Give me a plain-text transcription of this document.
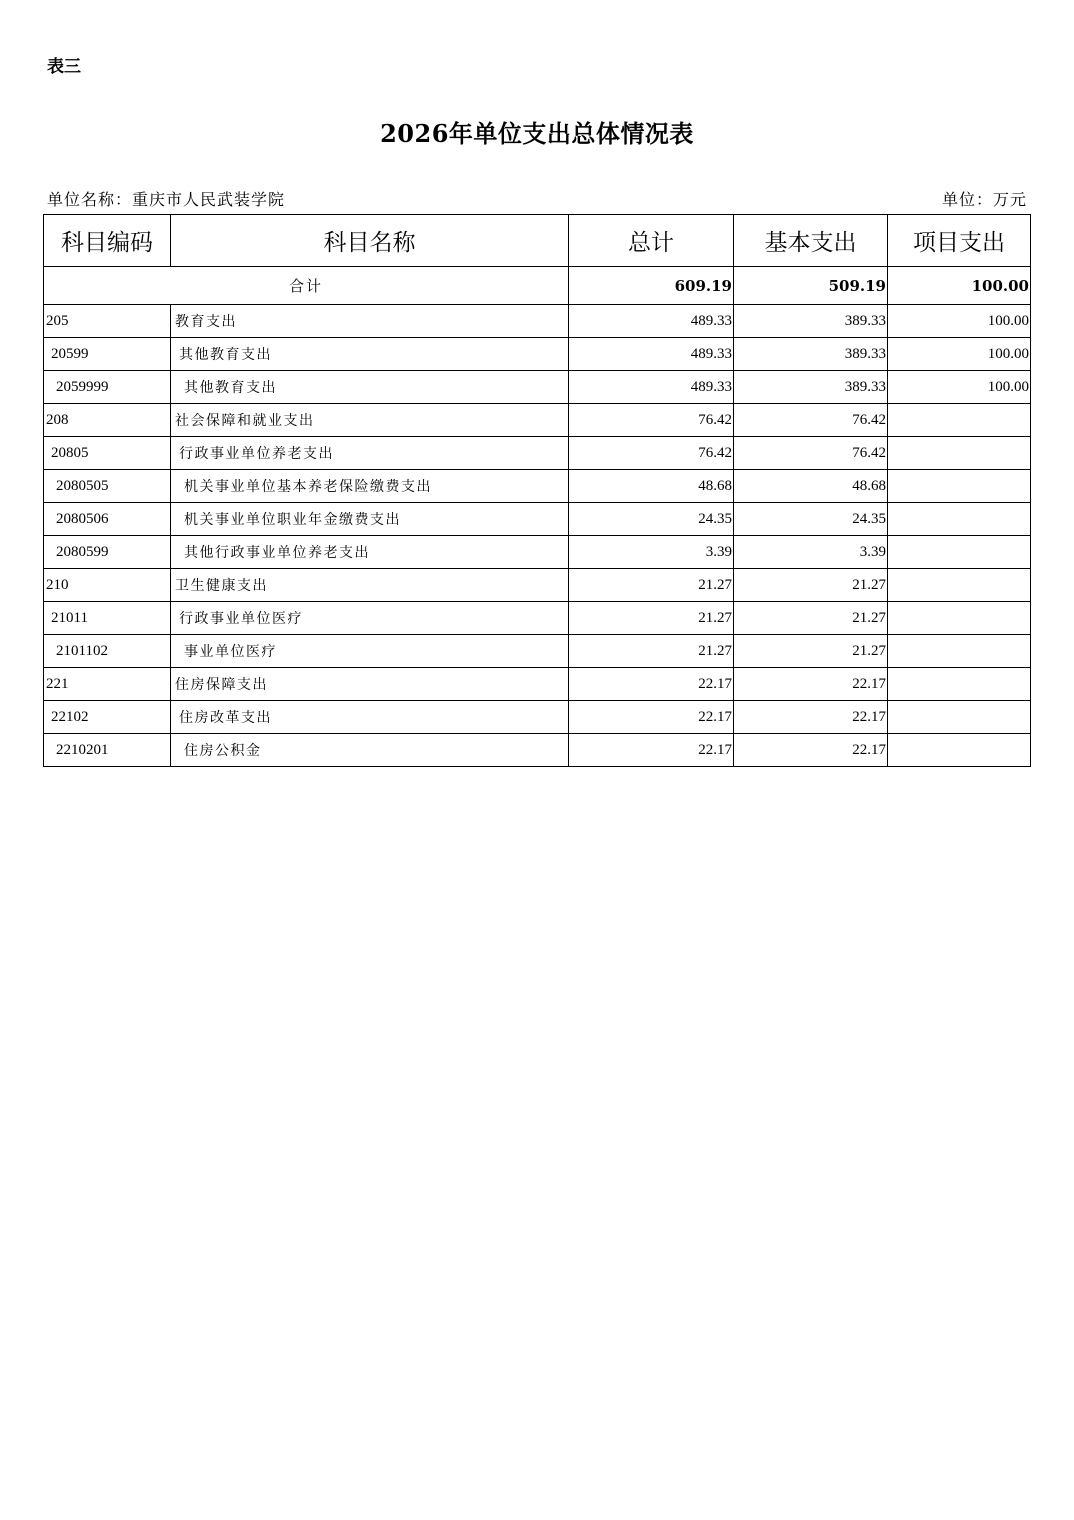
表三
2026年单位支出总体情况表
单位名称：重庆市人民武装学院	单位：万元
科目编码	科目名称	总计	基本支出	项目支出
合计		609.19	509.19	100.00
205	教育支出	489.33	389.33	100.00
20599	其他教育支出	489.33	389.33	100.00
2059999	其他教育支出	489.33	389.33	100.00
208	社会保障和就业支出	76.42	76.42	
20805	行政事业单位养老支出	76.42	76.42	
2080505	机关事业单位基本养老保险缴费支出	48.68	48.68	
2080506	机关事业单位职业年金缴费支出	24.35	24.35	
2080599	其他行政事业单位养老支出	3.39	3.39	
210	卫生健康支出	21.27	21.27	
21011	行政事业单位医疗	21.27	21.27	
2101102	事业单位医疗	21.27	21.27	
221	住房保障支出	22.17	22.17	
22102	住房改革支出	22.17	22.17	
2210201	住房公积金	22.17	22.17	
